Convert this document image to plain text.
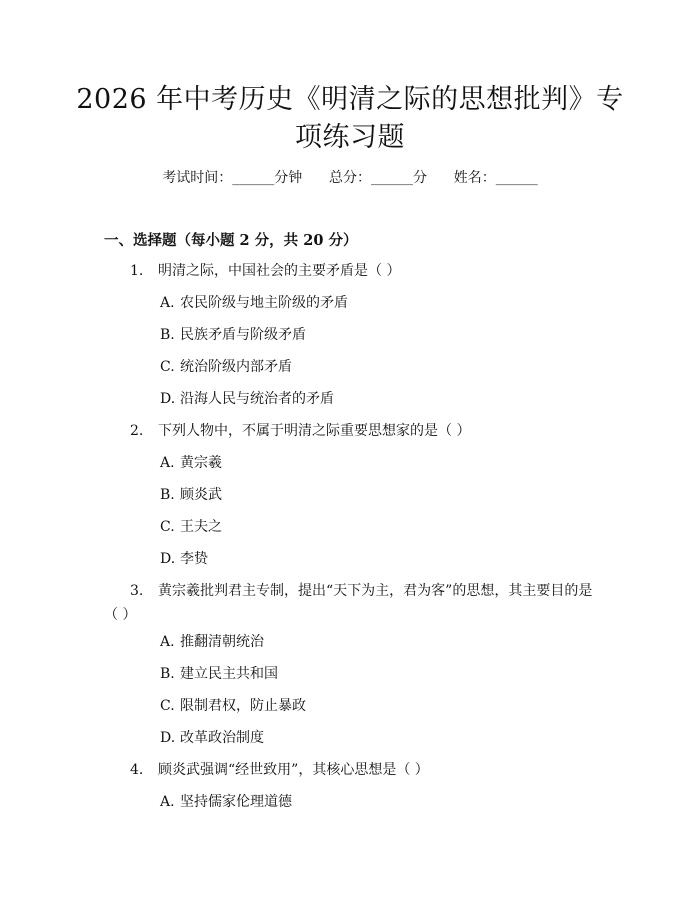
2026 年中考历史《明清之际的思想批判》专
项练习题
考试时间：______分钟      总分：______分      姓名：______
一、选择题（每小题 2 分，共 20 分）
1. 明清之际，中国社会的主要矛盾是（ ）
A. 农民阶级与地主阶级的矛盾
B. 民族矛盾与阶级矛盾
C. 统治阶级内部矛盾
D. 沿海人民与统治者的矛盾
2. 下列人物中，不属于明清之际重要思想家的是（ ）
A. 黄宗羲
B. 顾炎武
C. 王夫之
D. 李贽
3. 黄宗羲批判君主专制，提出“天下为主，君为客”的思想，其主要目的是（ ）
A. 推翻清朝统治
B. 建立民主共和国
C. 限制君权，防止暴政
D. 改革政治制度
4. 顾炎武强调“经世致用”，其核心思想是（ ）
A. 坚持儒家伦理道德
